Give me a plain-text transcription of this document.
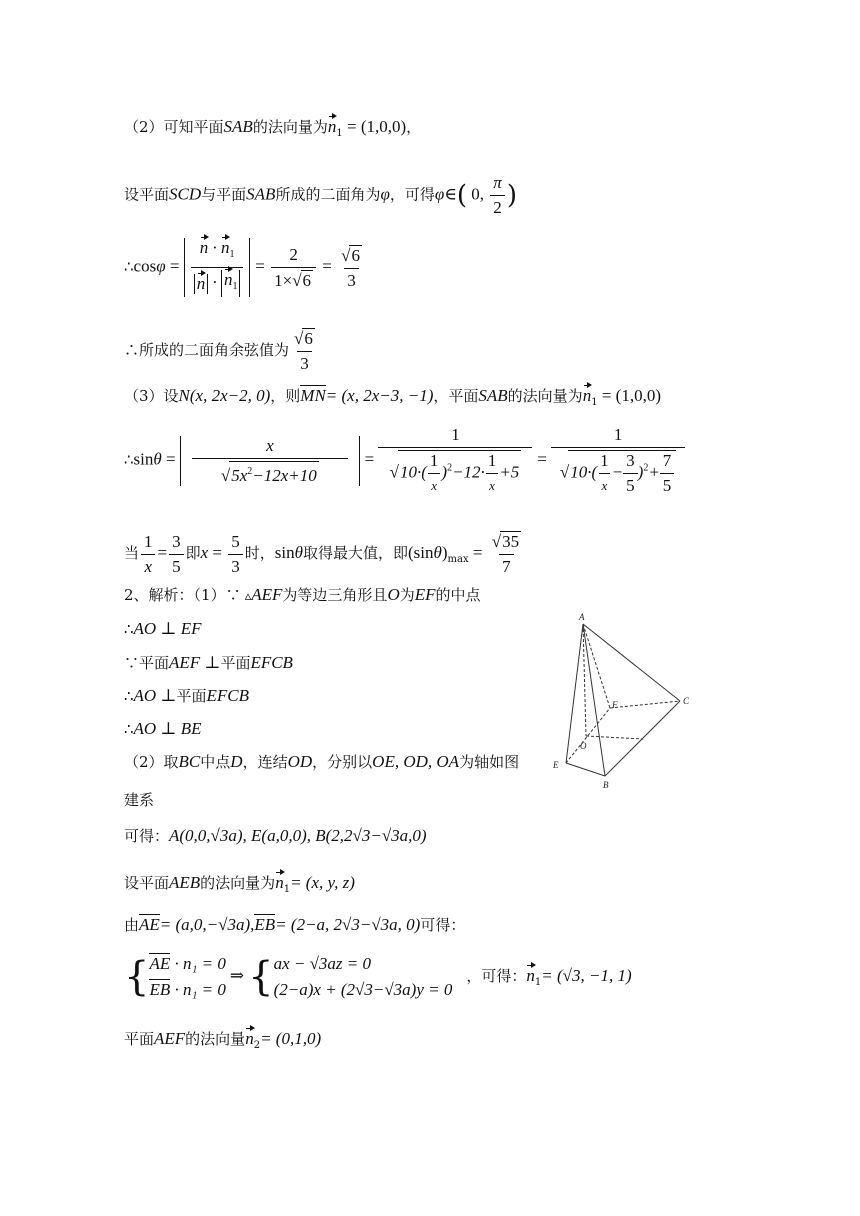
（2）可知平面SAB的法向量为$n_1 = (1,0,0)$，
设平面SCD与平面SAB所成的二面角为φ，可得φ∈( 0, $\frac{\pi}{2}$ )
∴cosφ = $\frac{n \cdot n_1}{n \cdot n_1} = \frac{2}{1\times√6} = \frac{√6}{3}$
∴所成的二面角余弦值为 $\frac{√6}{3}$
（3）设N(x, 2x−2, 0)，则MN= (x, 2x−3, −1)，平面SAB的法向量为$n_1 = (1,0,0)$
∴sinθ = $\frac{x}{√5x^2-12x+10} = \frac{1}{√10\cdot( \frac{1}{x} )^2-12\cdot \frac{1}{x} +5} = \frac{1}{√10\cdot( \frac{1}{x} - \frac{3}{5} )^2+ \frac{7}{5}}$
当 $\frac{1}{x} = \frac{3}{5}$ 即$x = \frac{5}{3}$ 时，sinθ取得最大值，即$(\sin\theta)_{max} = \frac{√35}{7}$
2、解析：（1）∵ ▵AEF为等边三角形且O为EF的中点
∴AO ⊥ EF
∵平面AEF ⊥平面EFCB
∴AO ⊥平面EFCB
∴AO ⊥ BE
（2）取BC中点D，连结OD，分别以OE, OD, OA为轴如图
建系
可得：A(0,0,√3a), E(a,0,0), B(2,2√3−√3a,0)
设平面AEB的法向量为$n_1= (x$, y, z)
由AE= (a,0,−√3a),EB= (2−a, 2√3−√3a, 0)可得：
{ AE · n₁ = 0
EB · n₁ = 0
⇒ { ax − √3az = 0
(2−a)x + (2√3−√3a)y = 0
，可得：$n_1= (√3$, −1, 1)
平面AEF的法向量$n_2= (0,1,0)$
A
F	C
O
E
B
